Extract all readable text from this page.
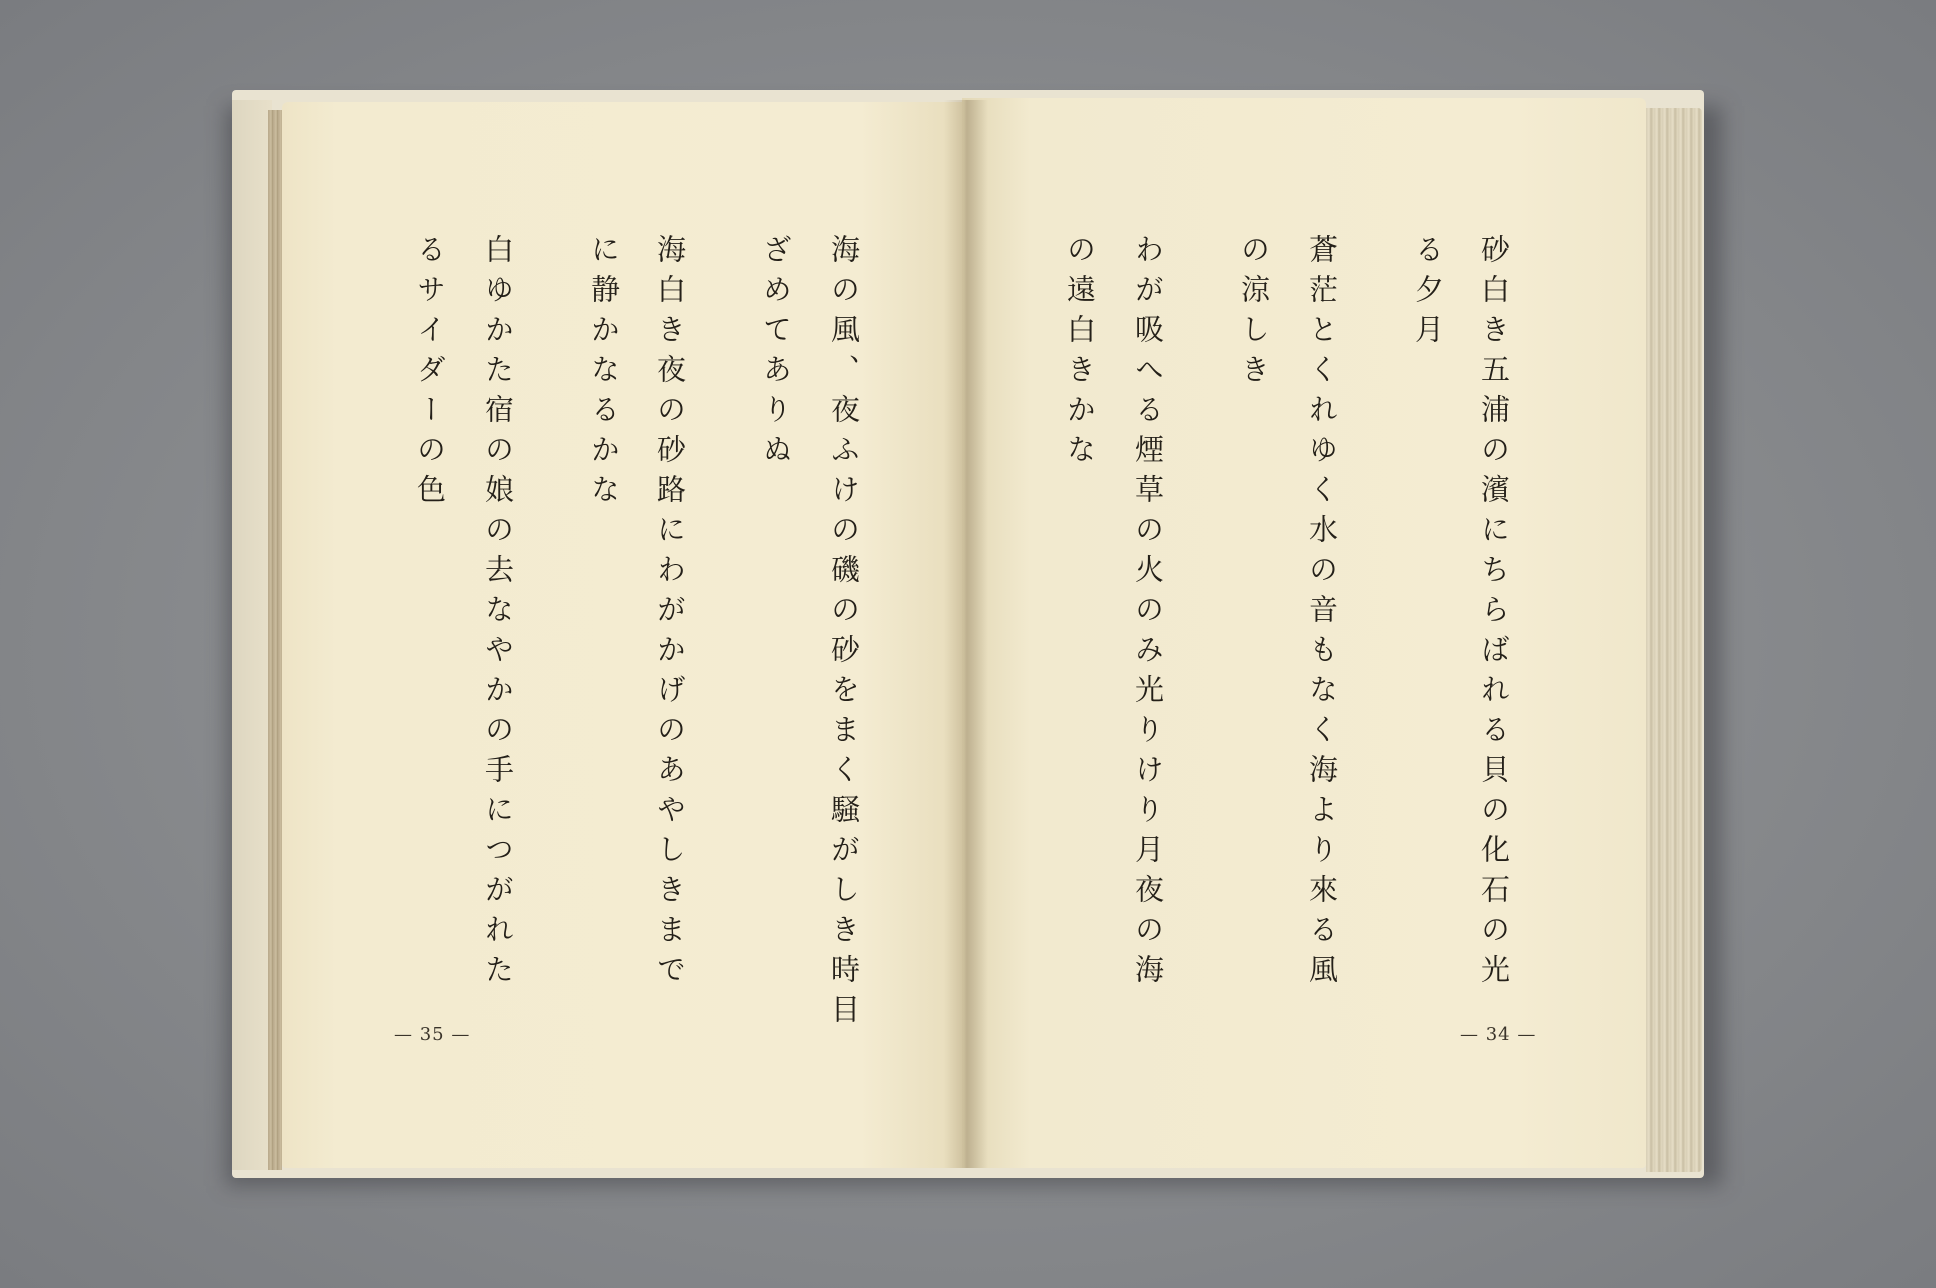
海の風、夜ふけの磯の砂をまく騒がしき時目
ざめてありぬ
海白き夜の砂路にわがかげのあやしきまで
に静かなるかな
白ゆかた宿の娘の去なやかの手につがれた
るサイダーの色
— 35 —
砂白き五浦の濱にちらばれる貝の化石の光
る夕月
蒼茫とくれゆく水の音もなく海より來る風
の涼しき
わが吸へる煙草の火のみ光りけり月夜の海
の遠白きかな
— 34 —
